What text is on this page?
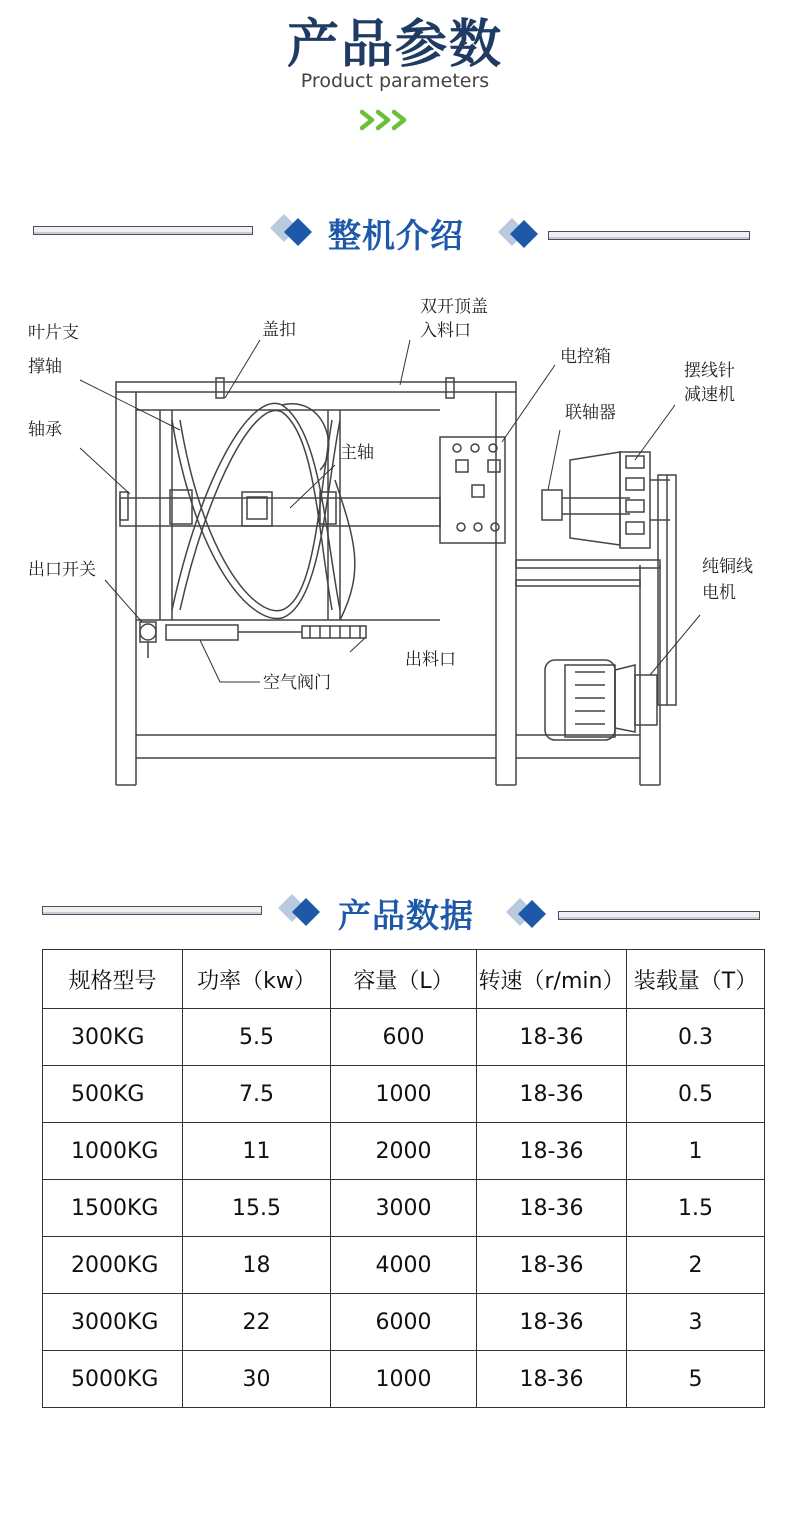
产品参数
Product parameters
整机介绍
叶片支
撑轴
轴承
出口开关
盖扣
双开顶盖
入料口
主轴
电控箱
联轴器
摆线针
减速机
纯铜线
电机
出料口
空气阀门
产品数据
规格型号	功率（kw）	容量（L）	转速（r/min）	装载量（T）
300KG	5.5	600	18-36	0.3
500KG	7.5	1000	18-36	0.5
1000KG	11	2000	18-36	1
1500KG	15.5	3000	18-36	1.5
2000KG	18	4000	18-36	2
3000KG	22	6000	18-36	3
5000KG	30	1000	18-36	5
